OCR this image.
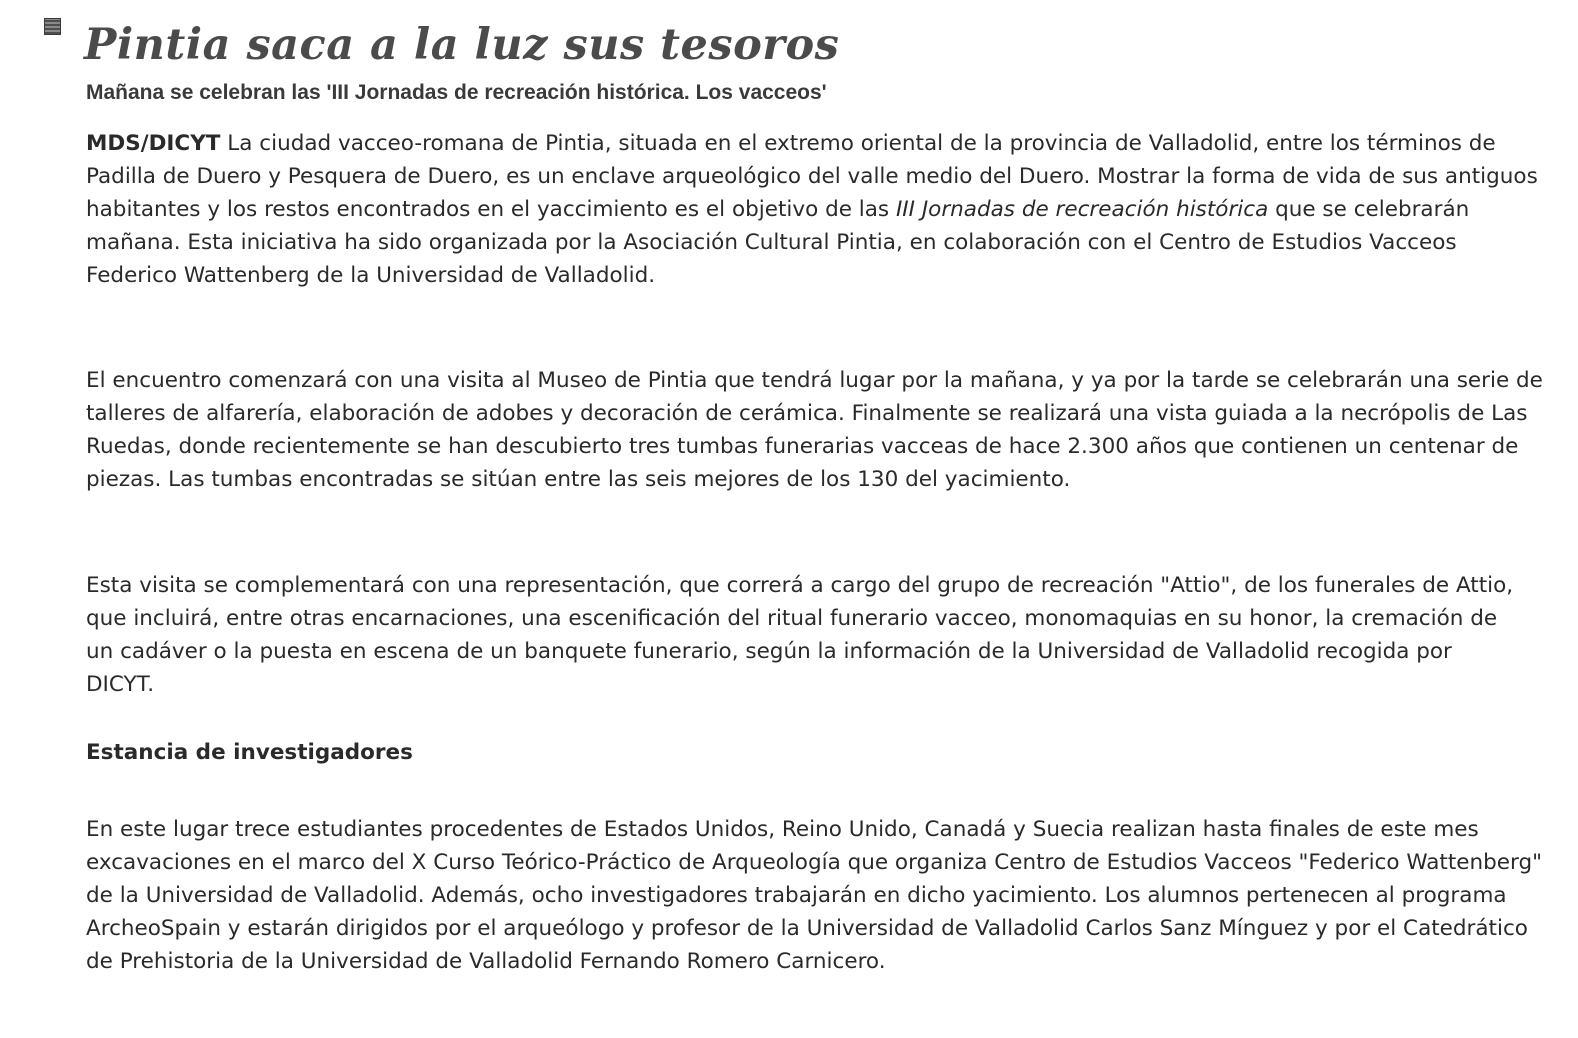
Pintia saca a la luz sus tesoros
Mañana se celebran las 'III Jornadas de recreación histórica. Los vacceos'

MDS/DICYT La ciudad vacceo-romana de Pintia, situada en el extremo oriental de la provincia de Valladolid, entre los términos de Padilla de Duero y Pesquera de Duero, es un enclave arqueológico del valle medio del Duero. Mostrar la forma de vida de sus antiguos habitantes y los restos encontrados en el yaccimiento es el objetivo de las III Jornadas de recreación histórica que se celebrarán mañana. Esta iniciativa ha sido organizada por la Asociación Cultural Pintia, en colaboración con el Centro de Estudios Vacceos Federico Wattenberg de la Universidad de Valladolid.

El encuentro comenzará con una visita al Museo de Pintia que tendrá lugar por la mañana, y ya por la tarde se celebrarán una serie de talleres de alfarería, elaboración de adobes y decoración de cerámica. Finalmente se realizará una vista guiada a la necrópolis de Las Ruedas, donde recientemente se han descubierto tres tumbas funerarias vacceas de hace 2.300 años que contienen un centenar de piezas. Las tumbas encontradas se sitúan entre las seis mejores de los 130 del yacimiento.

Esta visita se complementará con una representación, que correrá a cargo del grupo de recreación "Attio", de los funerales de Attio, que incluirá, entre otras encarnaciones, una escenificación del ritual funerario vacceo, monomaquias en su honor, la cremación de un cadáver o la puesta en escena de un banquete funerario, según la información de la Universidad de Valladolid recogida por DICYT.

Estancia de investigadores

En este lugar trece estudiantes procedentes de Estados Unidos, Reino Unido, Canadá y Suecia realizan hasta finales de este mes excavaciones en el marco del X Curso Teórico-Práctico de Arqueología que organiza Centro de Estudios Vacceos "Federico Wattenberg" de la Universidad de Valladolid. Además, ocho investigadores trabajarán en dicho yacimiento. Los alumnos pertenecen al programa ArcheoSpain y estarán dirigidos por el arqueólogo y profesor de la Universidad de Valladolid Carlos Sanz Mínguez y por el Catedrático de Prehistoria de la Universidad de Valladolid Fernando Romero Carnicero.
